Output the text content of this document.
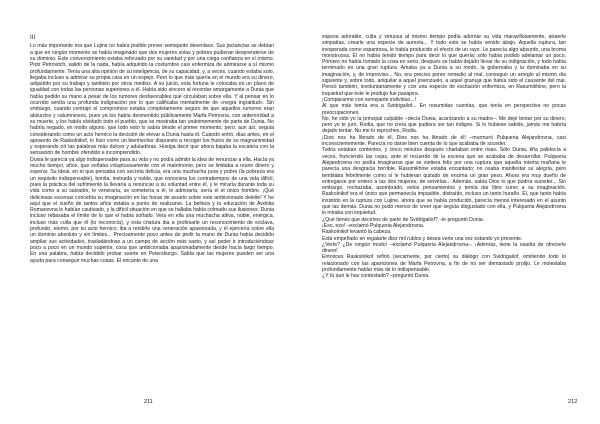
III

Lo más importante era que Lujine no había podido prever semejante desenlace. Sus jactancias se debían a que en ningún momento se había imaginado que dos mujeres solas y pobres pudieran desprenderse de su dominio. Este convencimiento estaba reforzado por su vanidad y por una ciega confianza en sí mismo. Piotr Petrovitch, salido de la nada, había adquirido la costumbre casi enfermiza de admirarse a sí mismo profundamente. Tenía una alta opinión de su inteligencia, de su capacidad, y, a veces, cuando estaba solo, llegaba incluso a admirar su propia cara en un espejo. Pero lo que más quería en el mundo era su dinero, adquirido por su trabajo y también por otros medios. A su juicio, esta fortuna le colocaba en un plano de igualdad con todas las personas superiores a él. Había sido sincero al recordar amargamente a Dunia que había pedido su mano a pesar de los rumores desfavorables que circulaban sobre ella. Y al pensar en lo ocurrido sentía una profunda indignación por lo que calificaba mentalmente de «negra ingratitud». Sin embargo, cuando contrajo el compromiso estaba completamente seguro de que aquellos rumores eran absurdos y calumniosos, pues ya los había desmentido públicamente Marfa Petrovna, con anterioridad a su muerte, y los había olvidado todo el pueblo, que se mostraba tan unánimemente de parte de Dunia. No habría negado, en modo alguno, que todo esto lo sabía desde el primer momento, pero, aun así, seguía considerando como un acto heroico la decisión de elevar a Dunia hasta él. Cuando entró, días antes, en el aposento de Raskolnikof, lo hizo como un bienhechor dispuesto a recoger los frutos de su magnanimidad y esperando oír las palabras más dulces y aduladoras. Huelga decir que ahora bajaba la escalera con la sensación de hombre ofendido e incomprendido.

Dunia le parecía ya algo indispensable para su vida y no podía admitir la idea de renunciar a ella. Hacía ya mucho tiempo, años, que soñaba voluptuosamente con el matrimonio, pero se limitaba a reunir dinero y esperar. Su ideal, en el que pensaba con secreta delicia, era una muchacha pura y pobre (la pobreza era un requisito indispensable), bonita, instruida y noble, que conociera los contratiempos de una vida difícil, pues la práctica del sufrimiento la llevaría a renunciar a su voluntad entre él, y le miraría durante toda su vida como a su salvador, le veneraría, se sometería a él, le admiraría, sería el el único hombre. ¡Qué deliciosas escenas concebía su imaginación en las horas de asueto sobre este ambicionado deleite! Y he aquí que el sueño de tantos años estaba a punto de realizarse. La belleza y la educación de Avdotia Romanovna le habían cautivado, y la difícil situación en que se hallaba había colmado sus ilusiones. Dunia incluso rebasaba el límite de lo que el había soñado. Veía en ella una muchacha altiva, noble, enérgica, incluso más culta que él (lo reconocía), y esta criatura iba a profesarle un reconocimiento de esclava, profundo, eterno, por su acto heroico; iba a rendirle una veneración apasionada, y él ejercería sobre ella un dominio absoluto y sin límites... Precisamente poco antes de pedir la mano de Dunia había decidido ampliar sus actividades, trasladándose a un campo de acción más vasto, y así poder ir introduciéndose poco a poco en un mundo superior, cosa que ambicionaba apasionadamente desde hacía largo tiempo. En una palabra, había decidido probar suerte en Petersburgo. Sabía que las mujeres pueden ser una ayuda para conseguir muchas cosas. El encanto de una

211

esposa adorable, culta y virtuosa al mismo tiempo podía adornar su vida maravillosamente, atraerle simpatías, crearle una especie de aureola... Y todo esto se había venido abajo. Aquella ruptura, tan inesperada como espantosa, le había producido el efecto de un rayo. Le parecía algo absurdo, una broma monstruosa. Él no había tenido tiempo para decir lo que quería; sólo había podido adelantar un poco. Primero no había tomado la cosa en serio, después se había dejado llevar de su indignación, y todo había terminado en una gran ruptura. Amaba ya a Dunia a su modo, la gobernaba y la dominaba en su imaginación, y, de improviso... No, era preciso poner remedio al mal, conseguir un arreglo al mismo día siguiente y, sobre todo, aniquilar a aquel jovenzuelo, a aquel granuja que había sido el causante del mal. Pensó también, involuntariamente y con una especie de excitación enfermiza, en Rasumikhine, pero la inquietud que éste le produjo fue pasajera.

¡Compararme con semejante individuo...!

Al que más temía era a Svidrigailof... En resumidas cuentas, que tenía en perspectiva no pocas preocupaciones.

No, he sido yo la principal culpable –decía Dunia, acariciando a su madre–. Me dejé tentar por su dinero, pero yo te juro, Rodia, que no creía que pudiera ser tan indigno. Si lo hubiese sabido, jamás me habría dejado tentar. No me lo reproches, Rodia.

¡Dios nos ha librado de él, Dios nos ha librado de él! –murmuró Pulqueria Alejandrovna, casi inconscientemente. Parecía no darse bien cuenta de lo que acababa de suceder.

Todos estaban contentos, y cinco minutos después charlaban entre risas. Sólo Dunia, tiña palidecía a veces, frunciendo las cejas, ante el recuerdo de la escena que se acababa de desarrollar. Pulqueria Alejandrovna no podía imaginarse que se sintiera feliz por una ruptura que aquella misma mañana le parecía una desgracia horrible. Rasumikhine estaba encantado; no osaba manifestar su alegría, pero temblaba febrilmente como si le hubieran quitado de encima un gran peso. Ahora era muy dueño de entregarse por entero a las dos mujeres, de servirlas... Además, sabía Dios lo que podría suceder... Sin embargo, rechazaba, asombrado, estos pensamientos y temía dar libre curso a su imaginación. Raskolnikof era el único que permanecía impasible, distraído, incluso un tanto huraño. Él, que tanto había insistido en la ruptura con Lujine, ahora que se había producido, parecía menos interesado en el asunto que las demás. Dunia no pudo menos de creer que seguía disgustado con ella, y Pulqueria Alejandrovna lo miraba con inquietud.

¿Qué tienes que decirnos de parte de Svidrigailof? –le preguntó Dunia.

¡Eso, eso! –exclamó Pulqueria Alejandrovna.

Raskolnikof levantó la cabeza.

Está empeñado en regalarte diez mil rublos y desea verte una vez estando yo presente.

¿Verte? ¿De ningún modo! –exclamó Pulqueria Alejandrovna–. ¡Además, tiene la osadía de ofrecerle dinero!

Entonces Raskolnikof refirió (secamente, por cierto) su diálogo con Svidrigailof, omitiendo todo lo relacionado con las apariciones de Marfa Petrovna, a fin de no ser demasiado prolijo. Le molestaba profundamente hablar más de lo indispensable.

¿Y tú qué le has contestado? –preguntó Dunia.

212
